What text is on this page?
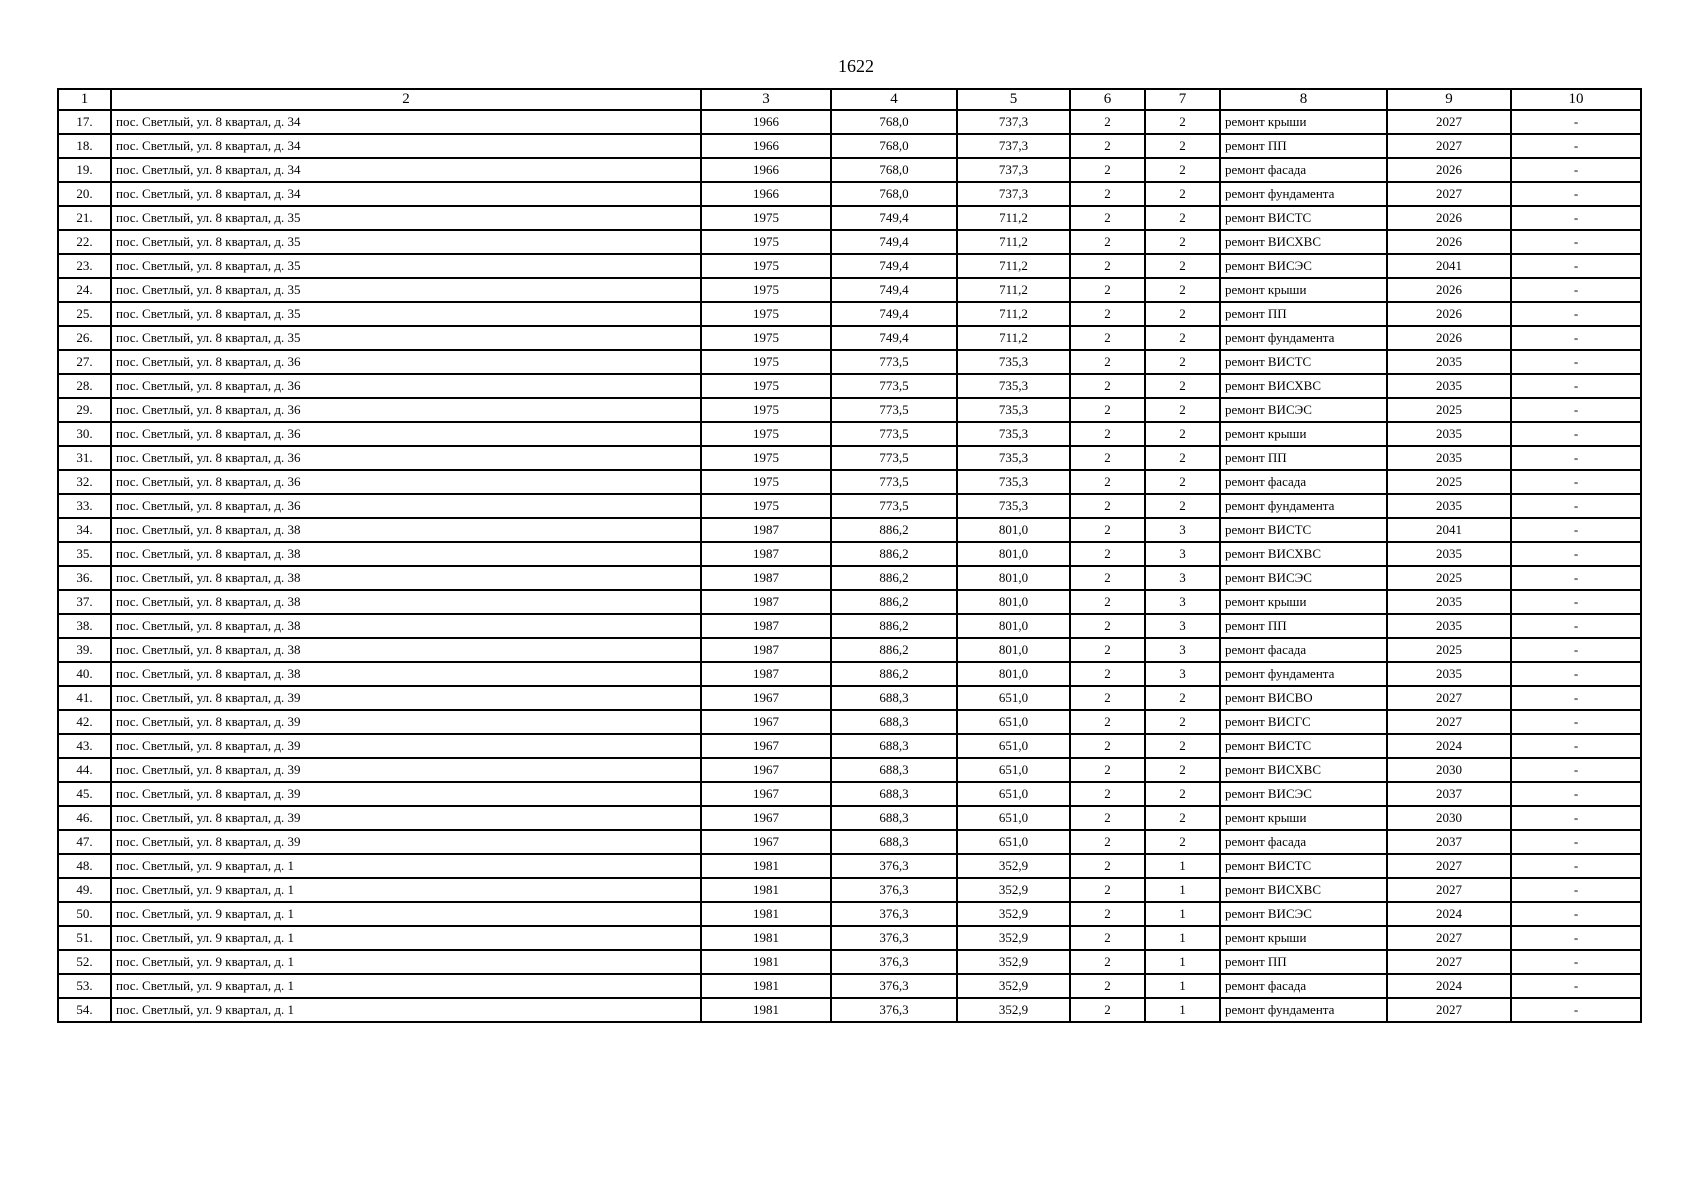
1622
1	2	3	4	5	6	7	8	9	10
17.	пос. Светлый, ул. 8 квартал, д. 34	1966	768,0	737,3	2	2	ремонт крыши	2027	-
18.	пос. Светлый, ул. 8 квартал, д. 34	1966	768,0	737,3	2	2	ремонт ПП	2027	-
19.	пос. Светлый, ул. 8 квартал, д. 34	1966	768,0	737,3	2	2	ремонт фасада	2026	-
20.	пос. Светлый, ул. 8 квартал, д. 34	1966	768,0	737,3	2	2	ремонт фундамента	2027	-
21.	пос. Светлый, ул. 8 квартал, д. 35	1975	749,4	711,2	2	2	ремонт ВИСТС	2026	-
22.	пос. Светлый, ул. 8 квартал, д. 35	1975	749,4	711,2	2	2	ремонт ВИСХВС	2026	-
23.	пос. Светлый, ул. 8 квартал, д. 35	1975	749,4	711,2	2	2	ремонт ВИСЭС	2041	-
24.	пос. Светлый, ул. 8 квартал, д. 35	1975	749,4	711,2	2	2	ремонт крыши	2026	-
25.	пос. Светлый, ул. 8 квартал, д. 35	1975	749,4	711,2	2	2	ремонт ПП	2026	-
26.	пос. Светлый, ул. 8 квартал, д. 35	1975	749,4	711,2	2	2	ремонт фундамента	2026	-
27.	пос. Светлый, ул. 8 квартал, д. 36	1975	773,5	735,3	2	2	ремонт ВИСТС	2035	-
28.	пос. Светлый, ул. 8 квартал, д. 36	1975	773,5	735,3	2	2	ремонт ВИСХВС	2035	-
29.	пос. Светлый, ул. 8 квартал, д. 36	1975	773,5	735,3	2	2	ремонт ВИСЭС	2025	-
30.	пос. Светлый, ул. 8 квартал, д. 36	1975	773,5	735,3	2	2	ремонт крыши	2035	-
31.	пос. Светлый, ул. 8 квартал, д. 36	1975	773,5	735,3	2	2	ремонт ПП	2035	-
32.	пос. Светлый, ул. 8 квартал, д. 36	1975	773,5	735,3	2	2	ремонт фасада	2025	-
33.	пос. Светлый, ул. 8 квартал, д. 36	1975	773,5	735,3	2	2	ремонт фундамента	2035	-
34.	пос. Светлый, ул. 8 квартал, д. 38	1987	886,2	801,0	2	3	ремонт ВИСТС	2041	-
35.	пос. Светлый, ул. 8 квартал, д. 38	1987	886,2	801,0	2	3	ремонт ВИСХВС	2035	-
36.	пос. Светлый, ул. 8 квартал, д. 38	1987	886,2	801,0	2	3	ремонт ВИСЭС	2025	-
37.	пос. Светлый, ул. 8 квартал, д. 38	1987	886,2	801,0	2	3	ремонт крыши	2035	-
38.	пос. Светлый, ул. 8 квартал, д. 38	1987	886,2	801,0	2	3	ремонт ПП	2035	-
39.	пос. Светлый, ул. 8 квартал, д. 38	1987	886,2	801,0	2	3	ремонт фасада	2025	-
40.	пос. Светлый, ул. 8 квартал, д. 38	1987	886,2	801,0	2	3	ремонт фундамента	2035	-
41.	пос. Светлый, ул. 8 квартал, д. 39	1967	688,3	651,0	2	2	ремонт ВИСВО	2027	-
42.	пос. Светлый, ул. 8 квартал, д. 39	1967	688,3	651,0	2	2	ремонт ВИСГС	2027	-
43.	пос. Светлый, ул. 8 квартал, д. 39	1967	688,3	651,0	2	2	ремонт ВИСТС	2024	-
44.	пос. Светлый, ул. 8 квартал, д. 39	1967	688,3	651,0	2	2	ремонт ВИСХВС	2030	-
45.	пос. Светлый, ул. 8 квартал, д. 39	1967	688,3	651,0	2	2	ремонт ВИСЭС	2037	-
46.	пос. Светлый, ул. 8 квартал, д. 39	1967	688,3	651,0	2	2	ремонт крыши	2030	-
47.	пос. Светлый, ул. 8 квартал, д. 39	1967	688,3	651,0	2	2	ремонт фасада	2037	-
48.	пос. Светлый, ул. 9 квартал, д. 1	1981	376,3	352,9	2	1	ремонт ВИСТС	2027	-
49.	пос. Светлый, ул. 9 квартал, д. 1	1981	376,3	352,9	2	1	ремонт ВИСХВС	2027	-
50.	пос. Светлый, ул. 9 квартал, д. 1	1981	376,3	352,9	2	1	ремонт ВИСЭС	2024	-
51.	пос. Светлый, ул. 9 квартал, д. 1	1981	376,3	352,9	2	1	ремонт крыши	2027	-
52.	пос. Светлый, ул. 9 квартал, д. 1	1981	376,3	352,9	2	1	ремонт ПП	2027	-
53.	пос. Светлый, ул. 9 квартал, д. 1	1981	376,3	352,9	2	1	ремонт фасада	2024	-
54.	пос. Светлый, ул. 9 квартал, д. 1	1981	376,3	352,9	2	1	ремонт фундамента	2027	-
